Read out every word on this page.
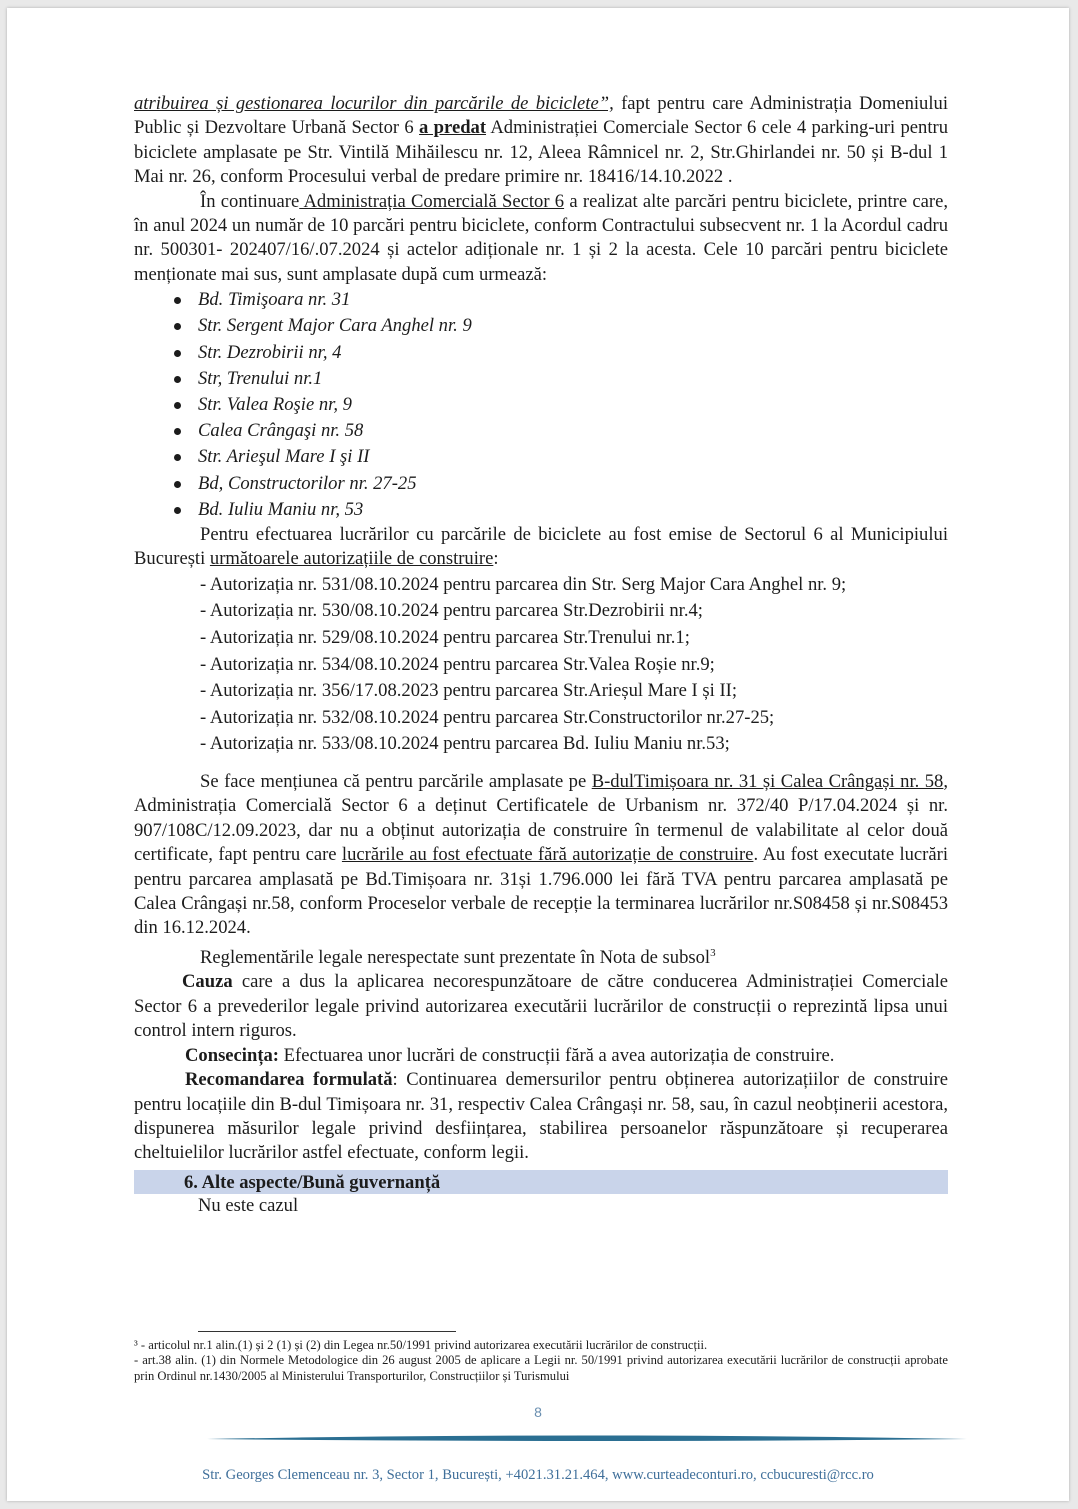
atribuirea și gestionarea locurilor din parcările de biciclete”, fapt pentru care Administrația Domeniului Public și Dezvoltare Urbană Sector 6 a predat Administrației Comerciale Sector 6 cele 4 parking-uri pentru biciclete amplasate pe Str. Vintilă Mihăilescu nr. 12, Aleea Râmnicel nr. 2, Str.Ghirlandei nr. 50 și B-dul 1 Mai nr. 26, conform Procesului verbal de predare primire nr. 18416/14.10.2022 .

În continuare Administrația Comercială Sector 6 a realizat alte parcări pentru biciclete, printre care, în anul 2024 un număr de 10 parcări pentru biciclete, conform Contractului subsecvent nr. 1 la Acordul cadru nr. 500301- 202407/16/.07.2024 și actelor adiționale nr. 1 și 2 la acesta. Cele 10 parcări pentru biciclete menționate mai sus, sunt amplasate după cum urmează:

Bd. Timişoara nr. 31
Str. Sergent Major Cara Anghel nr. 9
Str. Dezrobirii nr, 4
Str, Trenului nr.1
Str. Valea Roşie nr, 9
Calea Crângaşi nr. 58
Str. Arieşul Mare I şi II
Bd, Constructorilor nr. 27-25
Bd. Iuliu Maniu nr, 53

Pentru efectuarea lucrărilor cu parcările de biciclete au fost emise de Sectorul 6 al Municipiului București următoarele autorizațiile de construire:

- Autorizația nr. 531/08.10.2024 pentru parcarea din Str. Serg Major Cara Anghel nr. 9;
- Autorizația nr. 530/08.10.2024 pentru parcarea Str.Dezrobirii nr.4;
- Autorizația nr. 529/08.10.2024 pentru parcarea Str.Trenului nr.1;
- Autorizația nr. 534/08.10.2024 pentru parcarea Str.Valea Roșie nr.9;
- Autorizația nr. 356/17.08.2023 pentru parcarea Str.Arieșul Mare I și II;
- Autorizația nr. 532/08.10.2024 pentru parcarea Str.Constructorilor nr.27-25;
- Autorizația nr. 533/08.10.2024 pentru parcarea Bd. Iuliu Maniu nr.53;

Se face mențiunea că pentru parcările amplasate pe B-dulTimișoara nr. 31 și Calea Crângași nr. 58, Administrația Comercială Sector 6 a deținut Certificatele de Urbanism nr. 372/40 P/17.04.2024 și nr. 907/108C/12.09.2023, dar nu a obținut autorizația de construire în termenul de valabilitate al celor două certificate, fapt pentru care lucrările au fost efectuate fără autorizație de construire. Au fost executate lucrări pentru parcarea amplasată pe Bd.Timișoara nr. 31și 1.796.000 lei fără TVA pentru parcarea amplasată pe Calea Crângași nr.58, conform Proceselor verbale de recepție la terminarea lucrărilor nr.S08458 și nr.S08453 din 16.12.2024.

Reglementările legale nerespectate sunt prezentate în Nota de subsol$^3$

Cauza care a dus la aplicarea necorespunzătoare de către conducerea Administrației Comerciale Sector 6 a prevederilor legale privind autorizarea executării lucrărilor de construcții o reprezintă lipsa unui control intern riguros.

Consecința: Efectuarea unor lucrări de construcții fără a avea autorizația de construire.

Recomandarea formulată: Continuarea demersurilor pentru obținerea autorizațiilor de construire pentru locațiile din B-dul Timișoara nr. 31, respectiv Calea Crângași nr. 58, sau, în cazul neobținerii acestora, dispunerea măsurilor legale privind desființarea, stabilirea persoanelor răspunzătoare și recuperarea cheltuielilor lucrărilor astfel efectuate, conform legii.

6. Alte aspecte/Bună guvernanță

Nu este cazul

³ - articolul nr.1 alin.(1) și 2 (1) și (2) din Legea nr.50/1991 privind autorizarea executării lucrărilor de construcții.

- art.38 alin. (1) din Normele Metodologice din 26 august 2005 de aplicare a Legii nr. 50/1991 privind autorizarea executării lucrărilor de construcții aprobate prin Ordinul nr.1430/2005 al Ministerului Transporturilor, Construcțiilor și Turismului

8
Str. Georges Clemenceau nr. 3, Sector 1, București, +4021.31.21.464, www.curteadeconturi.ro, ccbucuresti@rcc.ro
